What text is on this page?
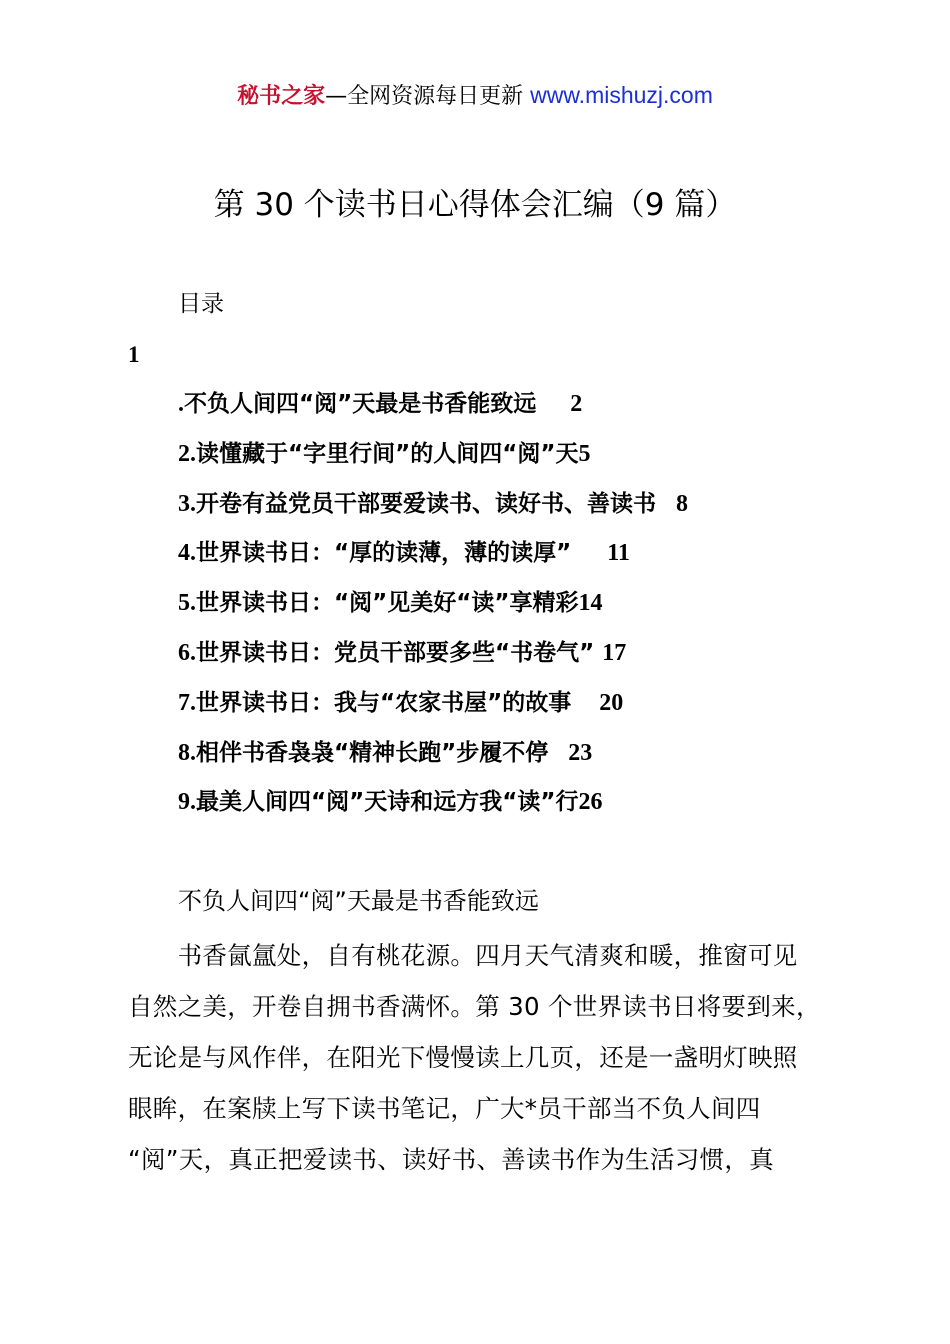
秘书之家—全网资源每日更新 www.mishuzj.com
第 30 个读书日心得体会汇编（9 篇）
目录
1
. 不负人间四“阅”天最是书香能致远 2
2. 读懂藏于“字里行间”的人间四“阅”天 5
3. 开卷有益党员干部要爱读书、读好书、善读书 8
4. 世界读书日：“厚的读薄，薄的读厚” 11
5. 世界读书日：“阅”见美好“读”享精彩 14
6. 世界读书日：党员干部要多些“书卷气” 17
7. 世界读书日：我与“农家书屋”的故事 20
8. 相伴书香袅袅“精神长跑”步履不停 23
9. 最美人间四“阅”天诗和远方我“读”行 26
不负人间四“阅”天最是书香能致远
　　书香氤氲处，自有桃花源。四月天气清爽和暖，推窗可见
自然之美，开卷自拥书香满怀。第 30 个世界读书日将要到来，
无论是与风作伴，在阳光下慢慢读上几页，还是一盏明灯映照
眼眸，在案牍上写下读书笔记，广大*员干部当不负人间四
“阅”天，真正把爱读书、读好书、善读书作为生活习惯，真
